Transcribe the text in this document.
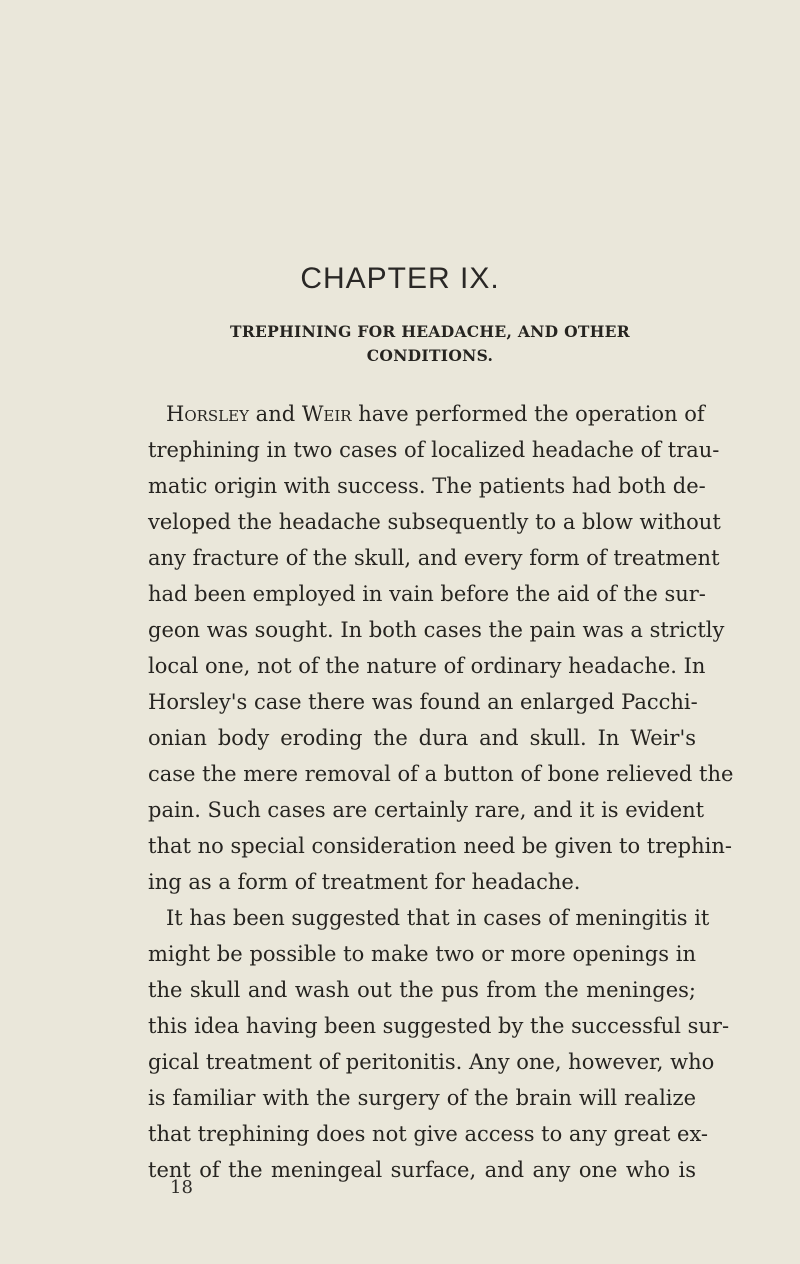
CHAPTER IX.
TREPHINING FOR HEADACHE, AND OTHER
CONDITIONS.
Horsley and Weir have performed the operation of
trephining in two cases of localized headache of trau-
matic origin with success. The patients had both de-
veloped the headache subsequently to a blow without
any fracture of the skull, and every form of treatment
had been employed in vain before the aid of the sur-
geon was sought. In both cases the pain was a strictly
local one, not of the nature of ordinary headache. In
Horsley's case there was found an enlarged Pacchi-
onian body eroding the dura and skull. In Weir's
case the mere removal of a button of bone relieved the
pain. Such cases are certainly rare, and it is evident
that no special consideration need be given to trephin-
ing as a form of treatment for headache.
It has been suggested that in cases of meningitis it
might be possible to make two or more openings in
the skull and wash out the pus from the meninges;
this idea having been suggested by the successful sur-
gical treatment of peritonitis. Any one, however, who
is familiar with the surgery of the brain will realize
that trephining does not give access to any great ex-
tent of the meningeal surface, and any one who is
18
